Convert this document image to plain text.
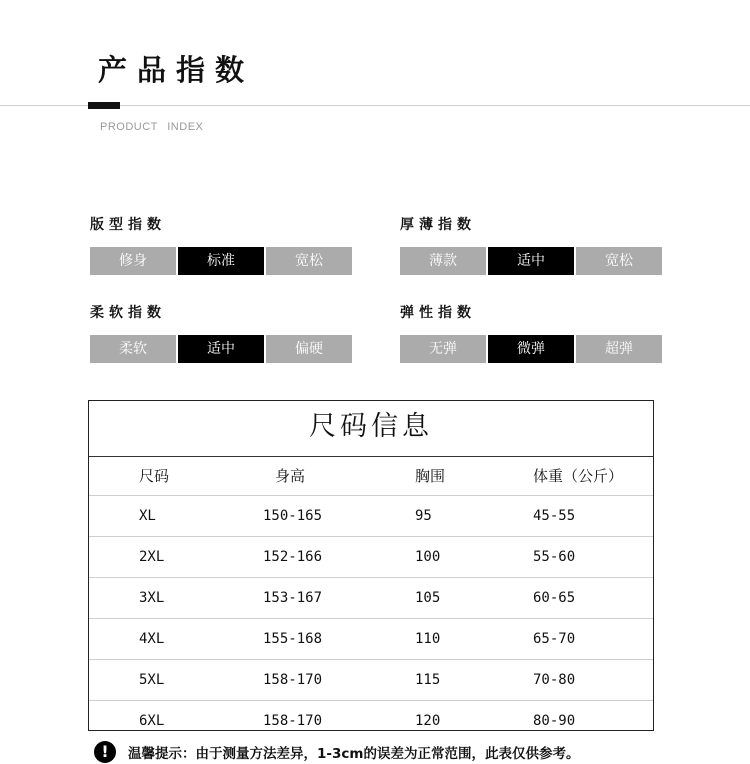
产品指数
PRODUCT INDEX
版型指数
修身	标准	宽松
厚薄指数
薄款	适中	宽松
柔软指数
柔软	适中	偏硬
弹性指数
无弹	微弹	超弹
尺码信息
尺码	身高	胸围	体重（公斤）
XL	150-165	95	45-55
2XL	152-166	100	55-60
3XL	153-167	105	60-65
4XL	155-168	110	65-70
5XL	158-170	115	70-80
6XL	158-170	120	80-90
!	温馨提示：由于测量方法差异，1-3cm的误差为正常范围，此表仅供参考。
